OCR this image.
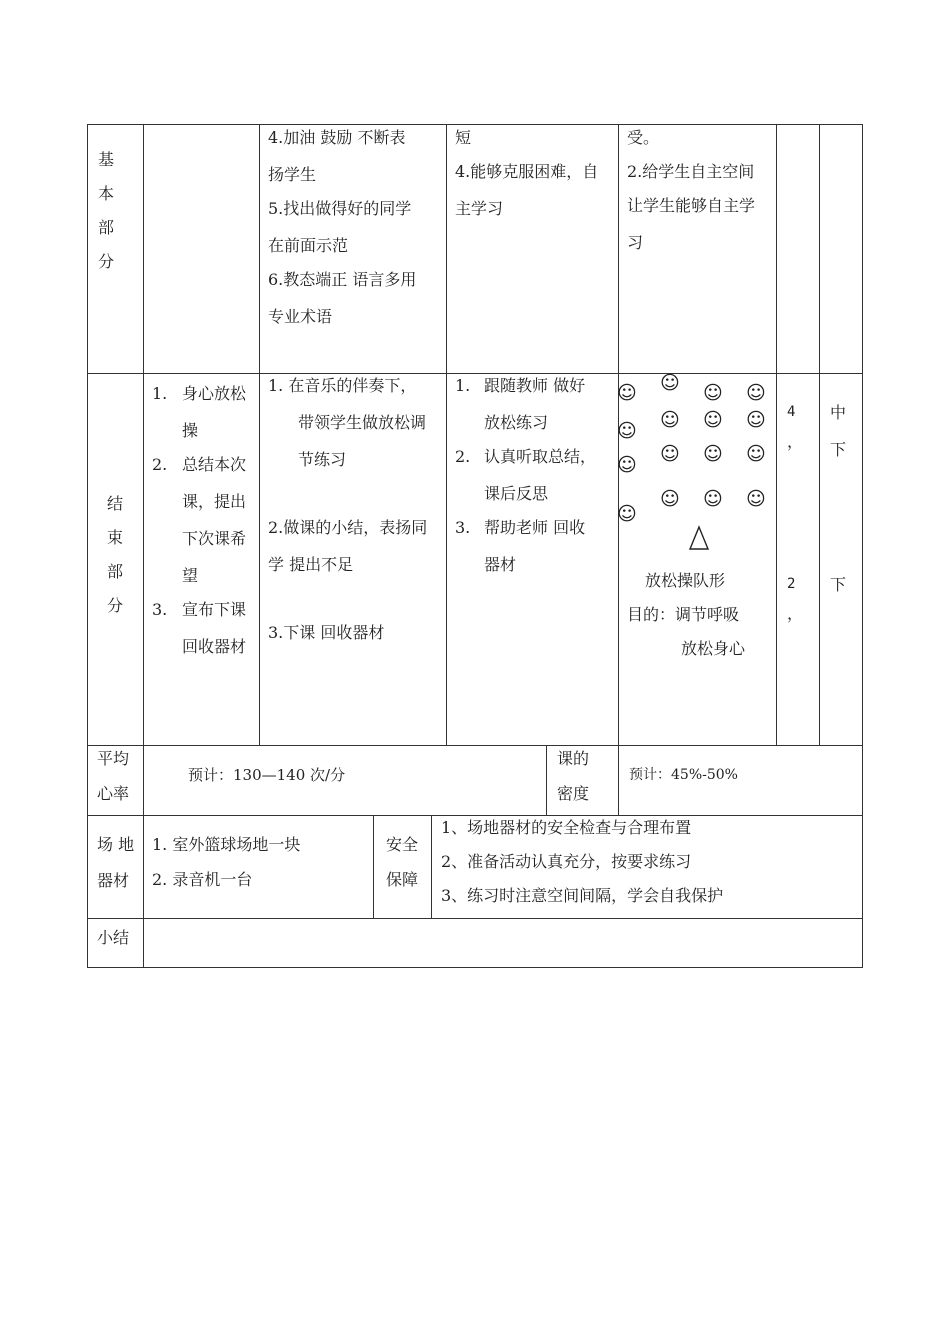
基
本
部
分
4.加油 鼓励 不断表
扬学生
5.找出做得好的同学
在前面示范
6.教态端正 语言多用
专业术语
短
4.能够克服困难，自
主学习
受。
2.给学生自主空间
让学生能够自主学
习
结
束
部
分
1. 身心放松
操
2. 总结本次
课，提出
下次课希
望
3. 宣布下课
回收器材
1. 在音乐的伴奏下，
带领学生做放松调
节练习
2.做课的小结，表扬同
学 提出不足
3.下课 回收器材
1. 跟随教师 做好
放松练习
2. 认真听取总结，
课后反思
3. 帮助老师 回收
器材
☺
☺
☺
☺
☺ ☺ ☺
☺ ☺ ☺
☺ ☺ ☺
☺ ☺ ☺
放松操队形
目的：调节呼吸
放松身心
4
，
2
，
中
下
下
平均
心率
预计：130—140 次/分
课的
密度
预计：45%-50%
场 地
器材
1. 室外篮球场地一块
2. 录音机一台
安全
保障
1、场地器材的安全检查与合理布置
2、准备活动认真充分，按要求练习
3、练习时注意空间间隔，学会自我保护
小结
